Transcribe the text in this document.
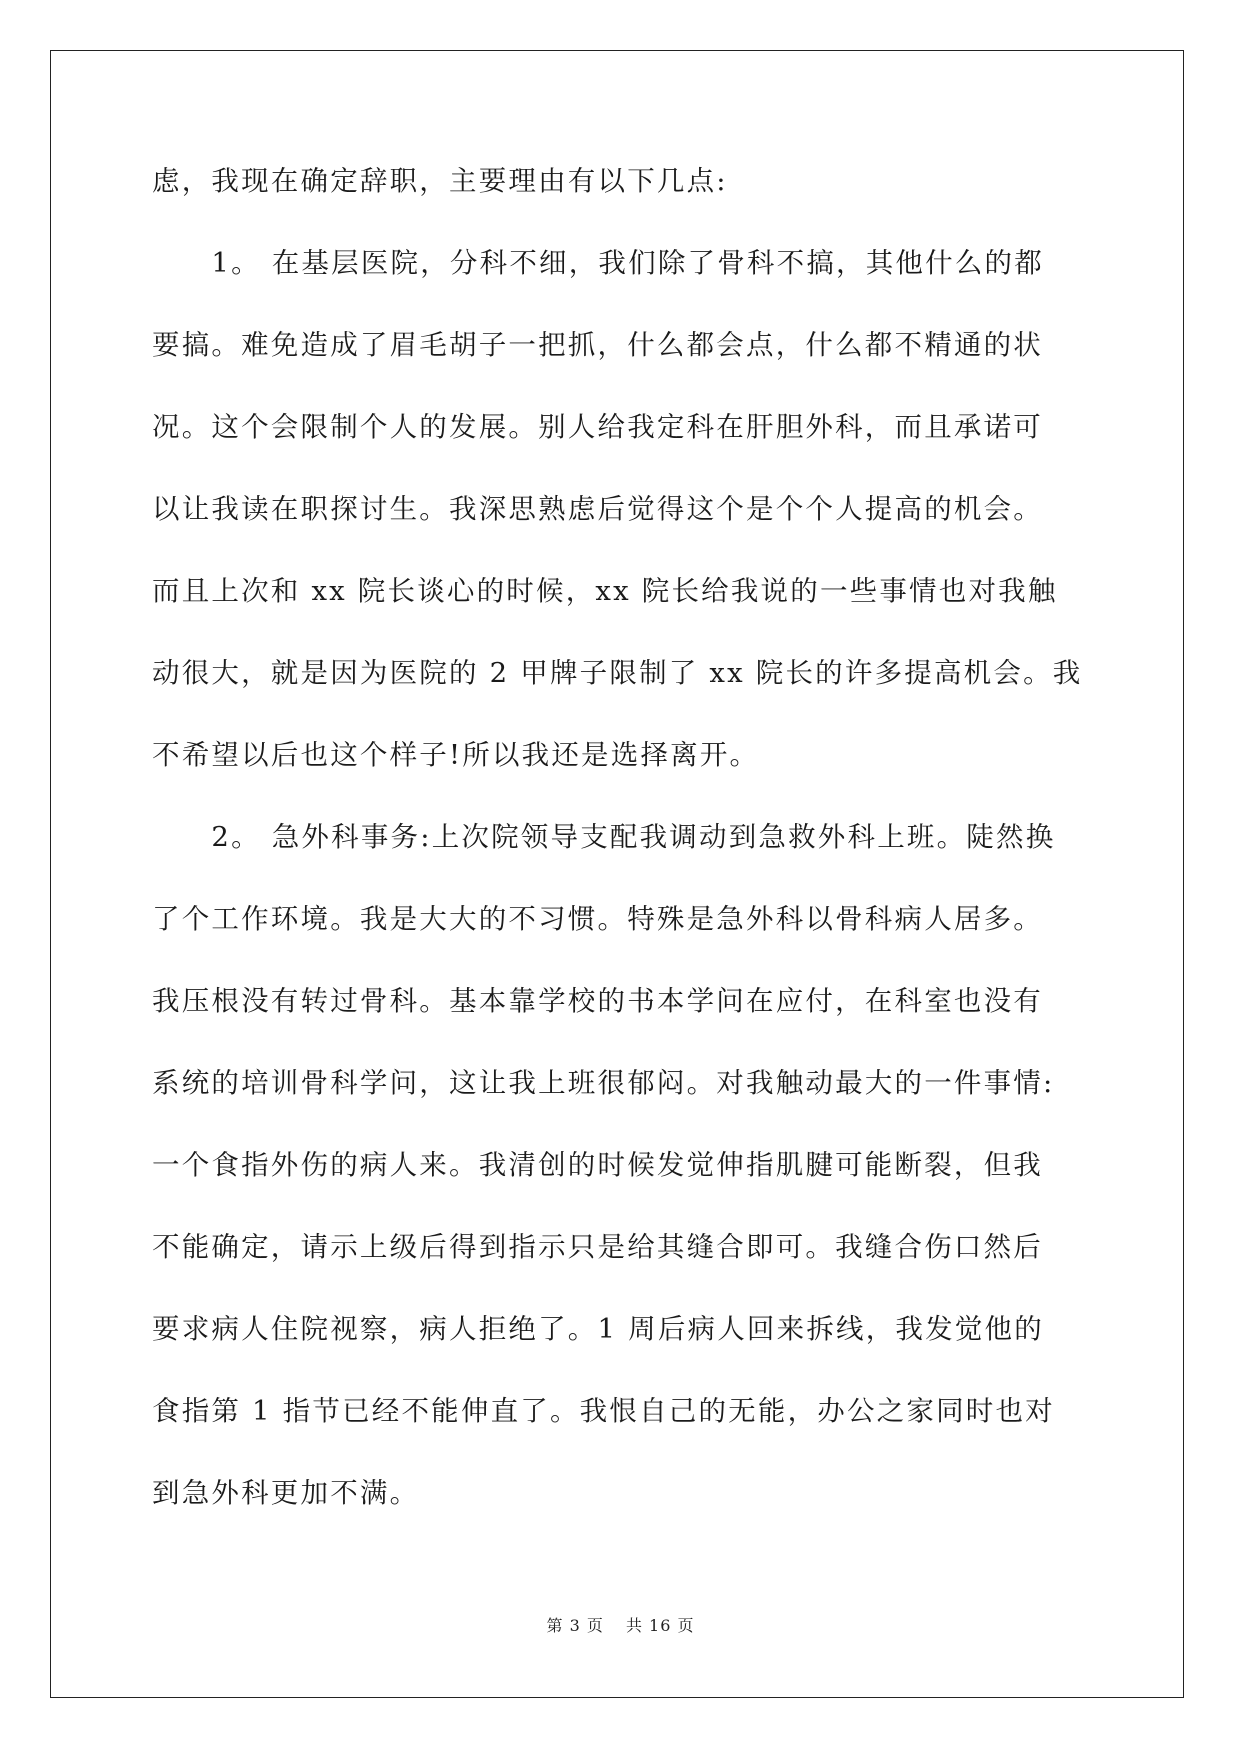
虑，我现在确定辞职，主要理由有以下几点:
　　1。 在基层医院，分科不细，我们除了骨科不搞，其他什么的都
要搞。难免造成了眉毛胡子一把抓，什么都会点，什么都不精通的状
况。这个会限制个人的发展。别人给我定科在肝胆外科，而且承诺可
以让我读在职探讨生。我深思熟虑后觉得这个是个个人提高的机会。
而且上次和 xx 院长谈心的时候，xx 院长给我说的一些事情也对我触
动很大，就是因为医院的 2 甲牌子限制了 xx 院长的许多提高机会。我
不希望以后也这个样子!所以我还是选择离开。
　　2。 急外科事务:上次院领导支配我调动到急救外科上班。陡然换
了个工作环境。我是大大的不习惯。特殊是急外科以骨科病人居多。
我压根没有转过骨科。基本靠学校的书本学问在应付，在科室也没有
系统的培训骨科学问，这让我上班很郁闷。对我触动最大的一件事情:
一个食指外伤的病人来。我清创的时候发觉伸指肌腱可能断裂，但我
不能确定，请示上级后得到指示只是给其缝合即可。我缝合伤口然后
要求病人住院视察，病人拒绝了。1 周后病人回来拆线，我发觉他的
食指第 1 指节已经不能伸直了。我恨自己的无能，办公之家同时也对
到急外科更加不满。
第 3 页 共 16 页
